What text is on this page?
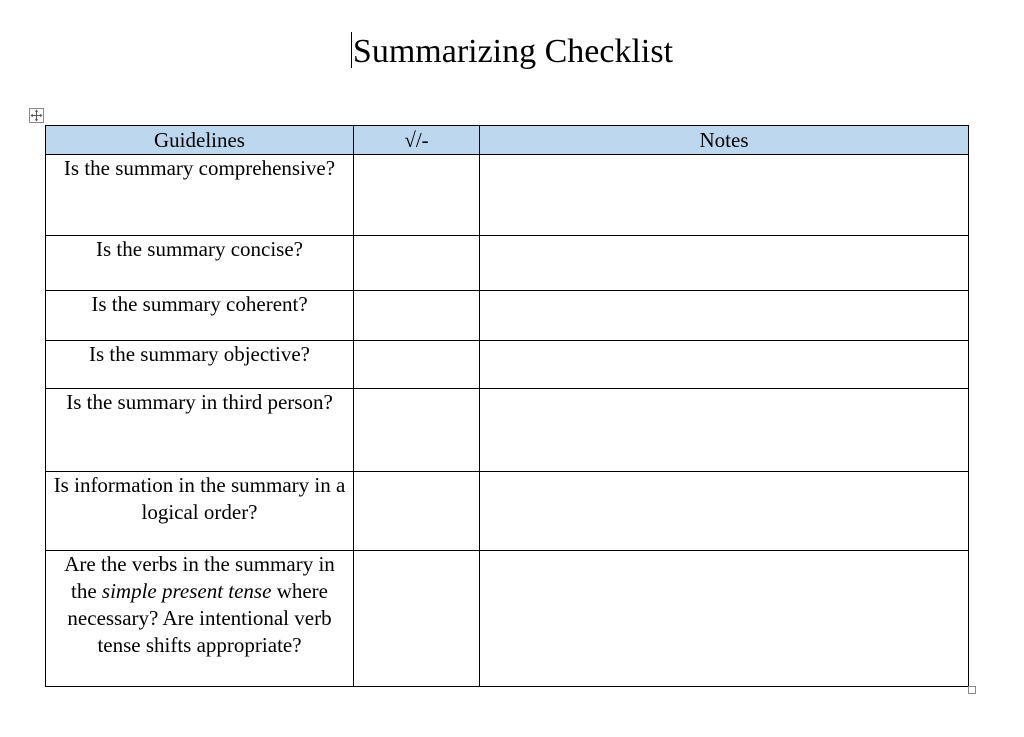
Summarizing Checklist
Guidelines	√/-	Notes

Is the summary comprehensive?		

Is the summary concise?		

Is the summary coherent?		

Is the summary objective?		

Is the summary in third person?		

Is information in the summary in a logical order?		

Are the verbs in the summary in the simple present tense where necessary? Are intentional verb tense shifts appropriate?		
